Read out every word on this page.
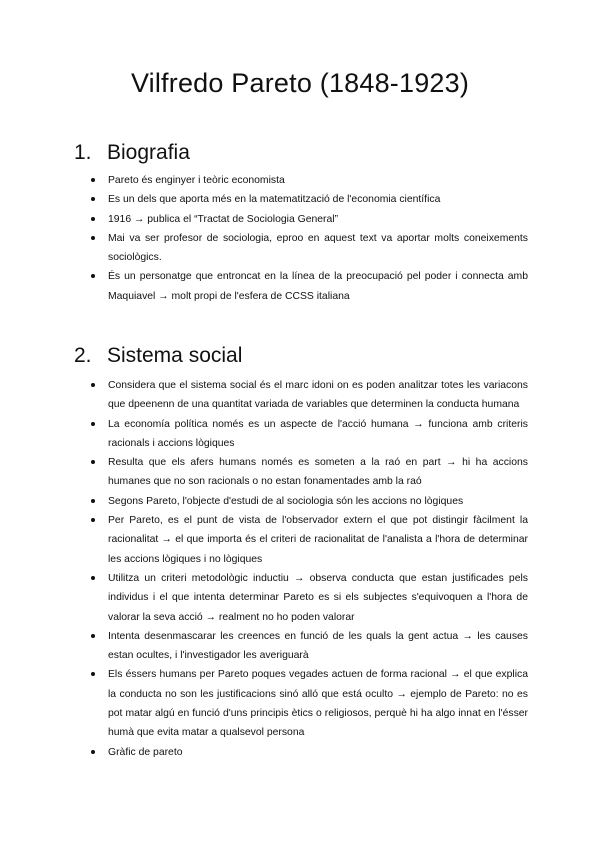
Vilfredo Pareto (1848-1923)
1. Biografia
Pareto és enginyer i teòric economista
Es un dels que aporta més en la matematització de l'economia científica
1916 → publica el “Tractat de Sociologia General”
Mai va ser profesor de sociologia, eproo en aquest text va aportar molts coneixements sociològics.
És un personatge que entroncat en la línea de la preocupació pel poder i connecta amb Maquiavel → molt propi de l'esfera de CCSS italiana
2. Sistema social
Considera que el sistema social és el marc idoni on es poden analitzar totes les variacons que dpeenenn de una quantitat variada de variables que determinen la conducta humana
La economía política només es un aspecte de l'acció humana → funciona amb criteris racionals i accions lògiques
Resulta que els afers humans només es someten a la raó en part → hi ha accions humanes que no son racionals o no estan fonamentades amb la raó
Segons Pareto, l'objecte d'estudi de al sociologia són les accions no lògiques
Per Pareto, es el punt de vista de l'observador extern el que pot distingir fàcilment la racionalitat → el que importa és el criteri de racionalitat de l'analista a l'hora de determinar les accions lògiques i no lògiques
Utilitza un criteri metodològic inductiu → observa conducta que estan justificades pels individus i el que intenta determinar Pareto es si els subjectes s'equivoquen a l'hora de valorar la seva acció → realment no ho poden valorar
Intenta desenmascarar les creences en funció de les quals la gent actua → les causes estan ocultes, i l'investigador les averiguarà
Els éssers humans per Pareto poques vegades actuen de forma racional → el que explica la conducta no son les justificacions sinó alló que está oculto → ejemplo de Pareto: no es pot matar algú en funció d'uns principis ètics o religiosos, perquè hi ha algo innat en l'ésser humà que evita matar a qualsevol persona
Gràfic de pareto
